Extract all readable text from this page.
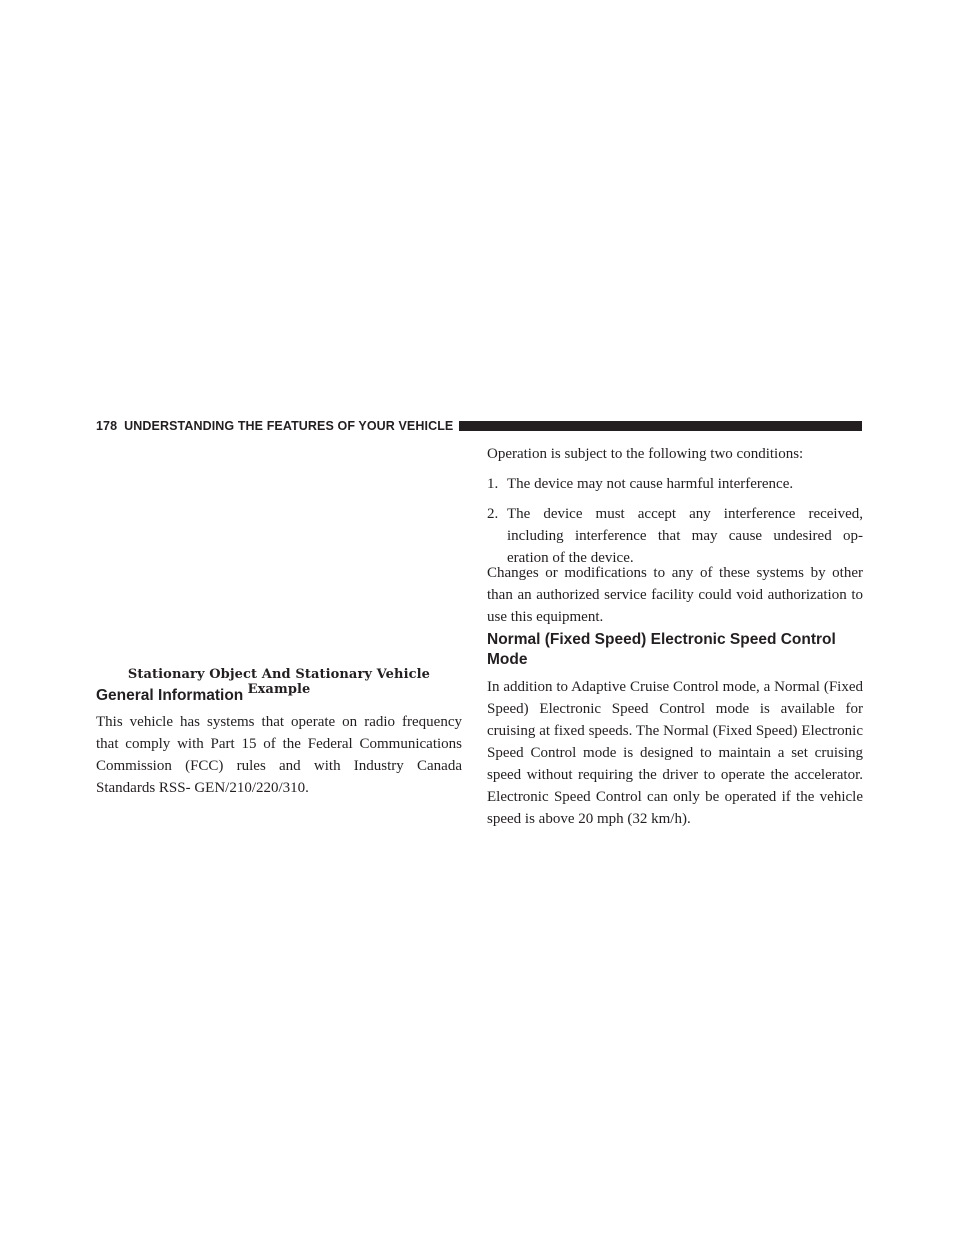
178 UNDERSTANDING THE FEATURES OF YOUR VEHICLE
Stationary Object And Stationary Vehicle Example
General Information

This vehicle has systems that operate on radio frequency that comply with Part 15 of the Federal Communications Commission (FCC) rules and with Industry Canada Standards RSS- GEN/210/220/310.

Operation is subject to the following two conditions:

1. The device may not cause harmful interference.

2. The device must accept any interference received, including interference that may cause undesired op- eration of the device.

Changes or modifications to any of these systems by other than an authorized service facility could void authorization to use this equipment.

Normal (Fixed Speed) Electronic Speed Control Mode

In addition to Adaptive Cruise Control mode, a Normal (Fixed Speed) Electronic Speed Control mode is available for cruising at fixed speeds. The Normal (Fixed Speed) Electronic Speed Control mode is designed to maintain a set cruising speed without requiring the driver to operate the accelerator. Electronic Speed Control can only be operated if the vehicle speed is above 20 mph (32 km/h).
